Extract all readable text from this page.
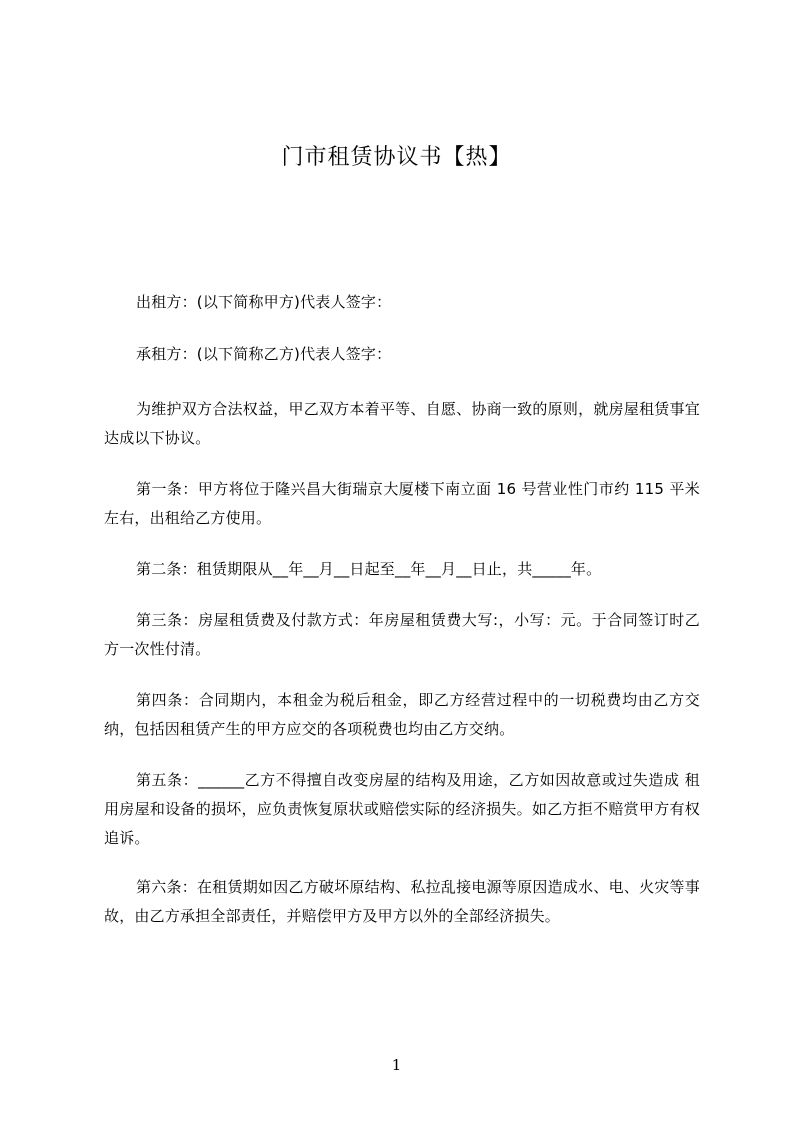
门市租赁协议书【热】
出租方：(以下简称甲方)代表人签字：
承租方：(以下简称乙方)代表人签字：
为维护双方合法权益，甲乙双方本着平等、自愿、协商一致的原则，就房屋租赁事宜达成以下协议。
第一条：甲方将位于隆兴昌大街瑞京大厦楼下南立面 16 号营业性门市约 115 平米左右，出租给乙方使用。
第二条：租赁期限从__年__月__日起至__年__月__日止，共_____年。
第三条：房屋租赁费及付款方式：年房屋租赁费大写:，小写：元。于合同签订时乙方一次性付清。
第四条：合同期内，本租金为税后租金，即乙方经营过程中的一切税费均由乙方交纳，包括因租赁产生的甲方应交的各项税费也均由乙方交纳。
第五条：______乙方不得擅自改变房屋的结构及用途，乙方如因故意或过失造成 租用房屋和设备的损坏，应负责恢复原状或赔偿实际的经济损失。如乙方拒不赔赏甲方有权追诉。
第六条：在租赁期如因乙方破坏原结构、私拉乱接电源等原因造成水、电、火灾等事故，由乙方承担全部责任，并赔偿甲方及甲方以外的全部经济损失。
1
